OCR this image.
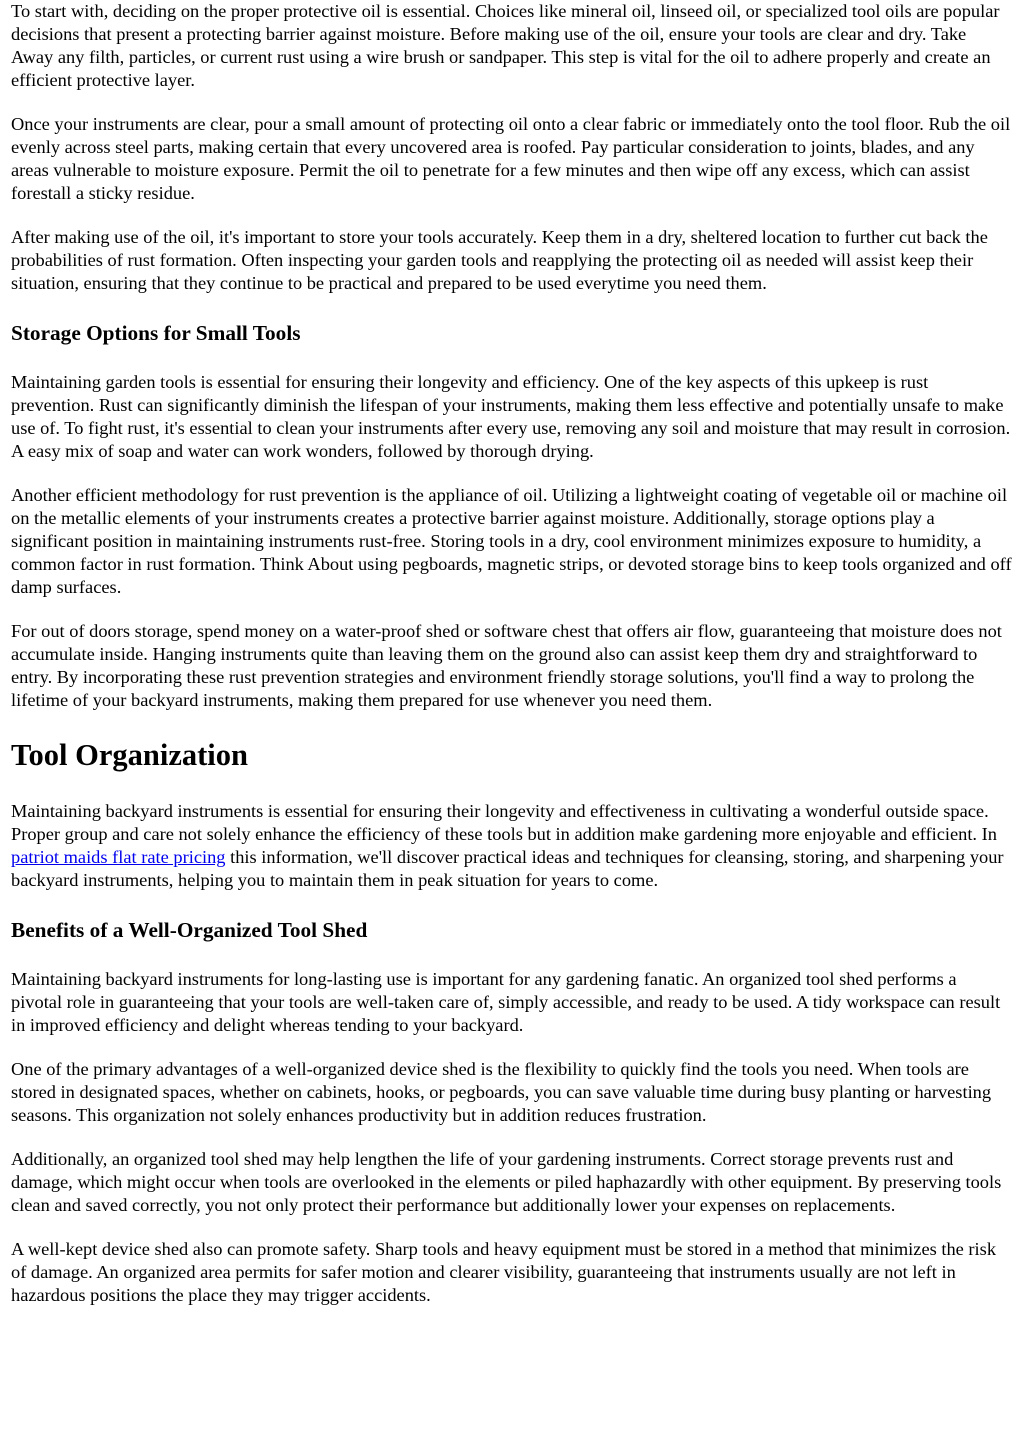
To start with, deciding on the proper protective oil is essential. Choices like mineral oil, linseed oil, or specialized tool oils are popular decisions that present a protecting barrier against moisture. Before making use of the oil, ensure your tools are clear and dry. Take Away any filth, particles, or current rust using a wire brush or sandpaper. This step is vital for the oil to adhere properly and create an efficient protective layer.

Once your instruments are clear, pour a small amount of protecting oil onto a clear fabric or immediately onto the tool floor. Rub the oil evenly across steel parts, making certain that every uncovered area is roofed. Pay particular consideration to joints, blades, and any areas vulnerable to moisture exposure. Permit the oil to penetrate for a few minutes and then wipe off any excess, which can assist forestall a sticky residue.

After making use of the oil, it's important to store your tools accurately. Keep them in a dry, sheltered location to further cut back the probabilities of rust formation. Often inspecting your garden tools and reapplying the protecting oil as needed will assist keep their situation, ensuring that they continue to be practical and prepared to be used everytime you need them.

Storage Options for Small Tools

Maintaining garden tools is essential for ensuring their longevity and efficiency. One of the key aspects of this upkeep is rust prevention. Rust can significantly diminish the lifespan of your instruments, making them less effective and potentially unsafe to make use of. To fight rust, it's essential to clean your instruments after every use, removing any soil and moisture that may result in corrosion. A easy mix of soap and water can work wonders, followed by thorough drying.

Another efficient methodology for rust prevention is the appliance of oil. Utilizing a lightweight coating of vegetable oil or machine oil on the metallic elements of your instruments creates a protective barrier against moisture. Additionally, storage options play a significant position in maintaining instruments rust-free. Storing tools in a dry, cool environment minimizes exposure to humidity, a common factor in rust formation. Think About using pegboards, magnetic strips, or devoted storage bins to keep tools organized and off damp surfaces.

For out of doors storage, spend money on a water-proof shed or software chest that offers air flow, guaranteeing that moisture does not accumulate inside. Hanging instruments quite than leaving them on the ground also can assist keep them dry and straightforward to entry. By incorporating these rust prevention strategies and environment friendly storage solutions, you'll find a way to prolong the lifetime of your backyard instruments, making them prepared for use whenever you need them.

Tool Organization

Maintaining backyard instruments is essential for ensuring their longevity and effectiveness in cultivating a wonderful outside space. Proper group and care not solely enhance the efficiency of these tools but in addition make gardening more enjoyable and efficient. In patriot maids flat rate pricing this information, we'll discover practical ideas and techniques for cleansing, storing, and sharpening your backyard instruments, helping you to maintain them in peak situation for years to come.

Benefits of a Well-Organized Tool Shed

Maintaining backyard instruments for long-lasting use is important for any gardening fanatic. An organized tool shed performs a pivotal role in guaranteeing that your tools are well-taken care of, simply accessible, and ready to be used. A tidy workspace can result in improved efficiency and delight whereas tending to your backyard.

One of the primary advantages of a well-organized device shed is the flexibility to quickly find the tools you need. When tools are stored in designated spaces, whether on cabinets, hooks, or pegboards, you can save valuable time during busy planting or harvesting seasons. This organization not solely enhances productivity but in addition reduces frustration.

Additionally, an organized tool shed may help lengthen the life of your gardening instruments. Correct storage prevents rust and damage, which might occur when tools are overlooked in the elements or piled haphazardly with other equipment. By preserving tools clean and saved correctly, you not only protect their performance but additionally lower your expenses on replacements.

A well-kept device shed also can promote safety. Sharp tools and heavy equipment must be stored in a method that minimizes the risk of damage. An organized area permits for safer motion and clearer visibility, guaranteeing that instruments usually are not left in hazardous positions the place they may trigger accidents.
